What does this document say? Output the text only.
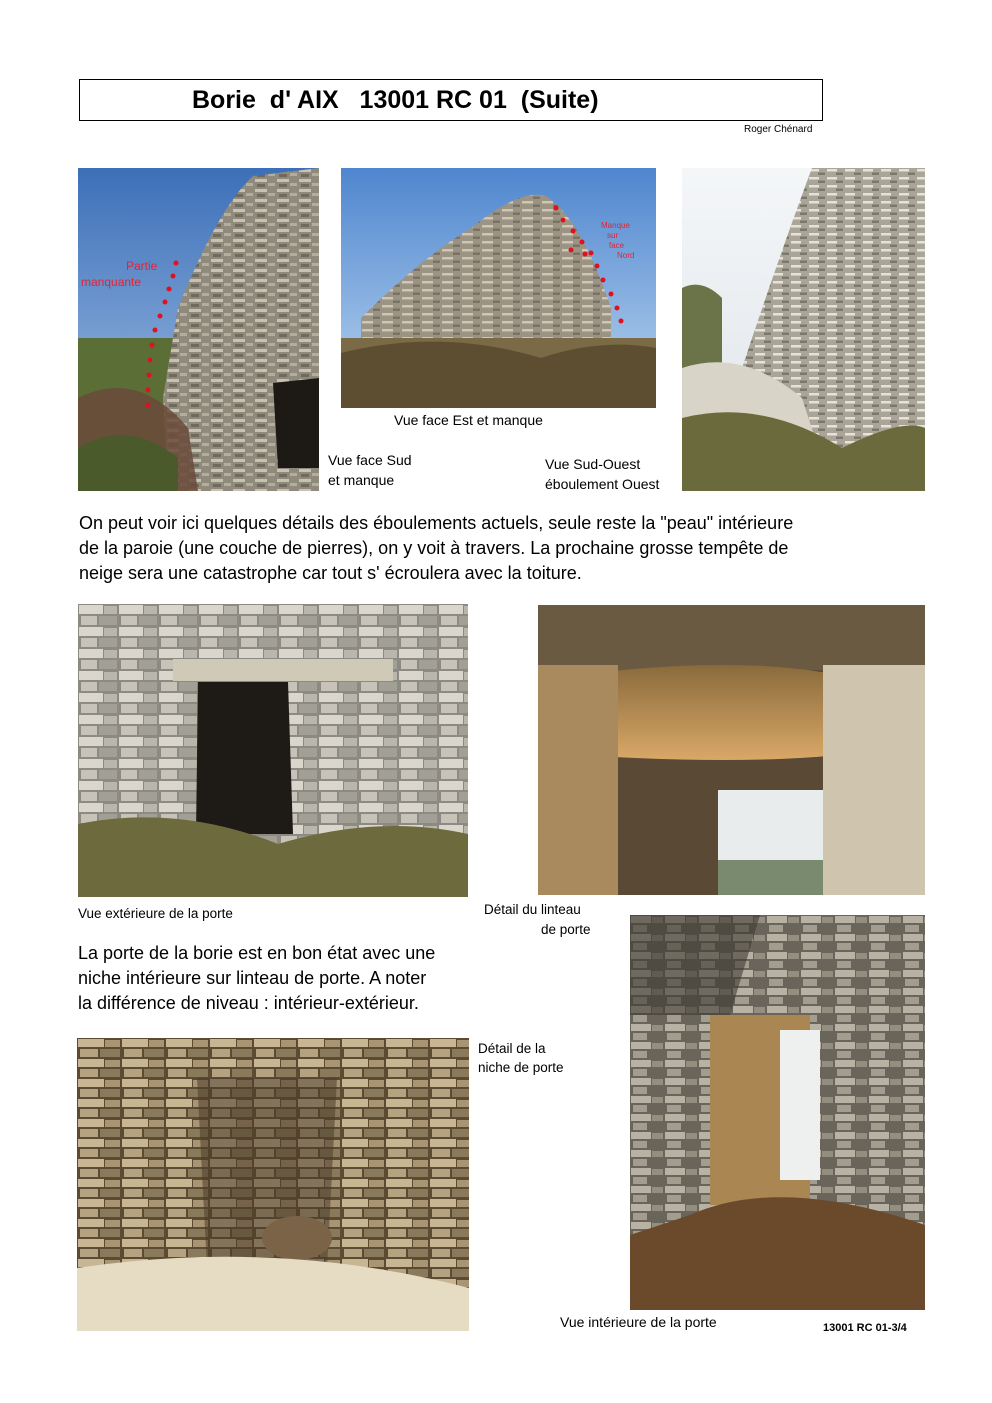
Borie  d' AIX   13001 RC 01  (Suite)
Roger Chénard
Partie
manquante
Manque
sur
face
Nord
Vue face Est et manque
Vue face Sud
et manque
Vue Sud-Ouest
éboulement Ouest
On peut voir ici quelques détails des éboulements actuels, seule reste la "peau" intérieure
de la paroie (une couche de pierres), on y voit à travers. La prochaine grosse tempête de
neige sera une catastrophe car tout s' écroulera avec la toiture.
Vue extérieure de la porte	Détail du linteau
de porte
La porte de la borie est en bon état avec une
niche intérieure sur linteau de porte. A noter
la différence de niveau : intérieur-extérieur.
Détail de la
niche de porte
Vue intérieure de la porte	13001 RC 01-3/4
